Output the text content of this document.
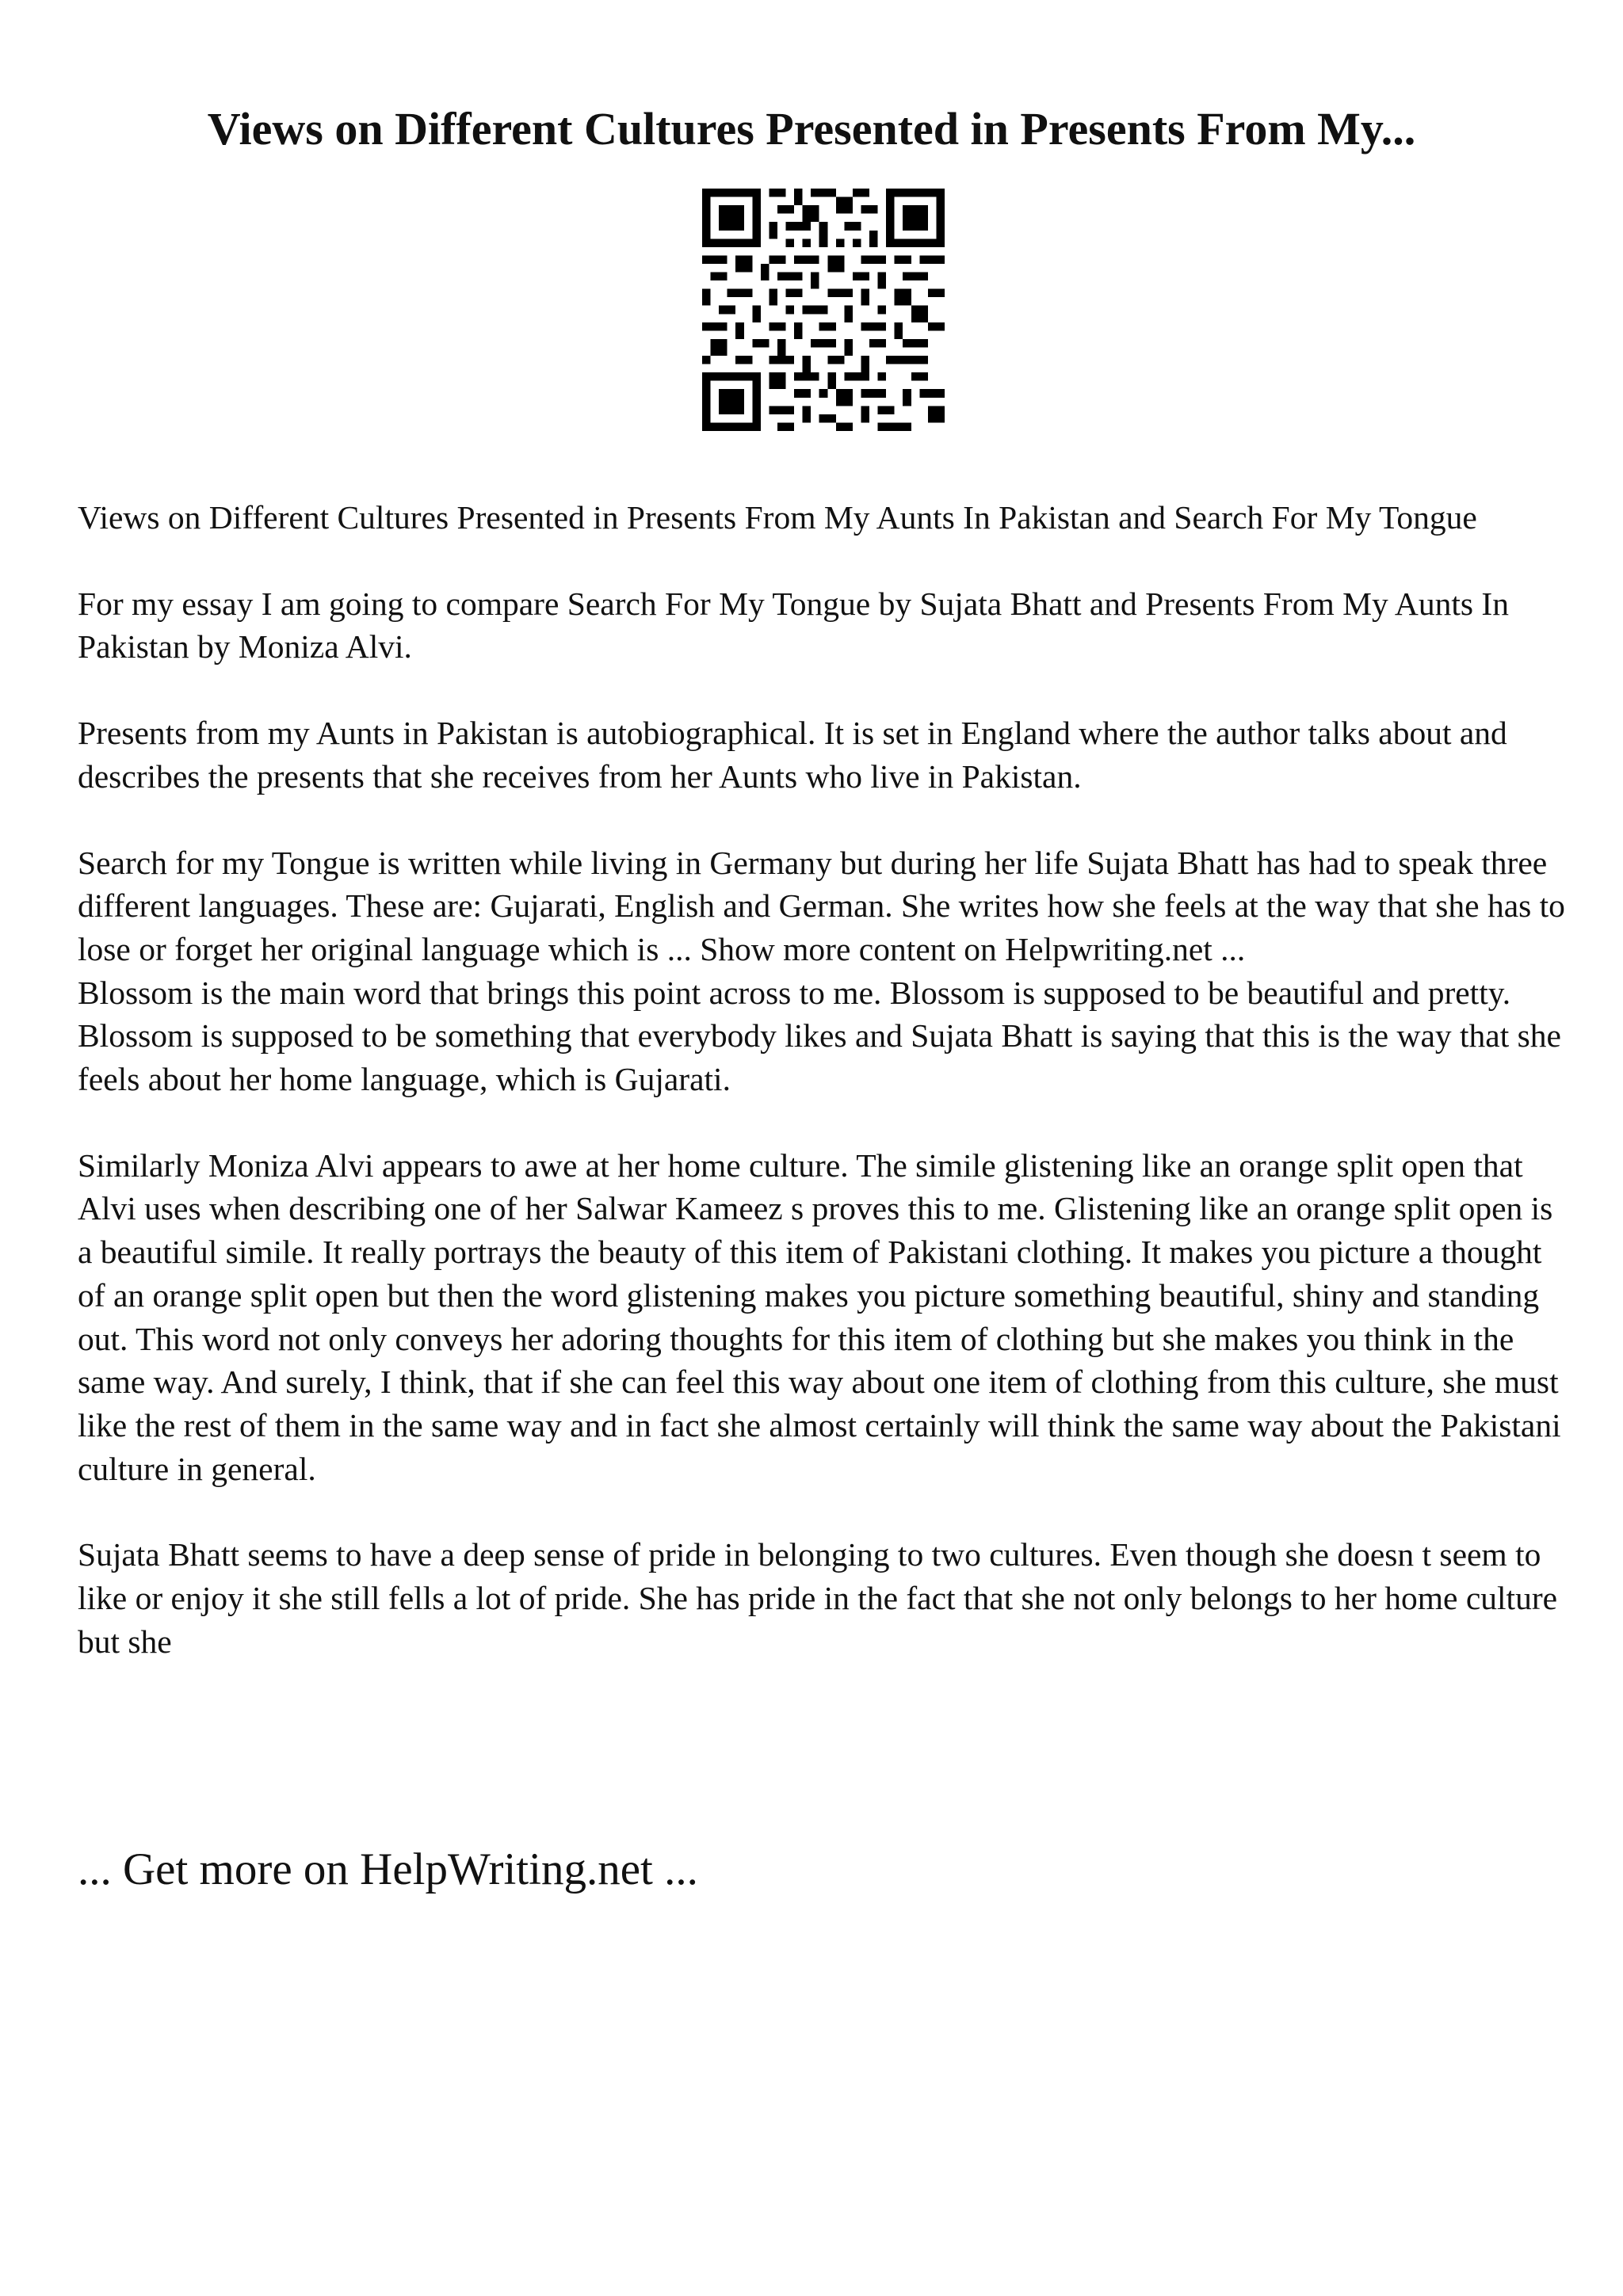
Views on Different Cultures Presented in Presents From My...

Views on Different Cultures Presented in Presents From My Aunts In Pakistan and Search For My Tongue

For my essay I am going to compare Search For My Tongue by Sujata Bhatt and Presents From My Aunts In Pakistan by Moniza Alvi.

Presents from my Aunts in Pakistan is autobiographical. It is set in England where the author talks about and describes the presents that she receives from her Aunts who live in Pakistan.

Search for my Tongue is written while living in Germany but during her life Sujata Bhatt has had to speak three different languages. These are: Gujarati, English and German. She writes how she feels at the way that she has to lose or forget her original language which is ... Show more content on Helpwriting.net ...

Blossom is the main word that brings this point across to me. Blossom is supposed to be beautiful and pretty. Blossom is supposed to be something that everybody likes and Sujata Bhatt is saying that this is the way that she feels about her home language, which is Gujarati.

Similarly Moniza Alvi appears to awe at her home culture. The simile glistening like an orange split open that Alvi uses when describing one of her Salwar Kameez s proves this to me. Glistening like an orange split open is a beautiful simile. It really portrays the beauty of this item of Pakistani clothing. It makes you picture a thought of an orange split open but then the word glistening makes you picture something beautiful, shiny and standing out. This word not only conveys her adoring thoughts for this item of clothing but she makes you think in the same way. And surely, I think, that if she can feel this way about one item of clothing from this culture, she must like the rest of them in the same way and in fact she almost certainly will think the same way about the Pakistani culture in general.

Sujata Bhatt seems to have a deep sense of pride in belonging to two cultures. Even though she doesn t seem to like or enjoy it she still fells a lot of pride. She has pride in the fact that she not only belongs to her home culture but she

... Get more on HelpWriting.net ...
